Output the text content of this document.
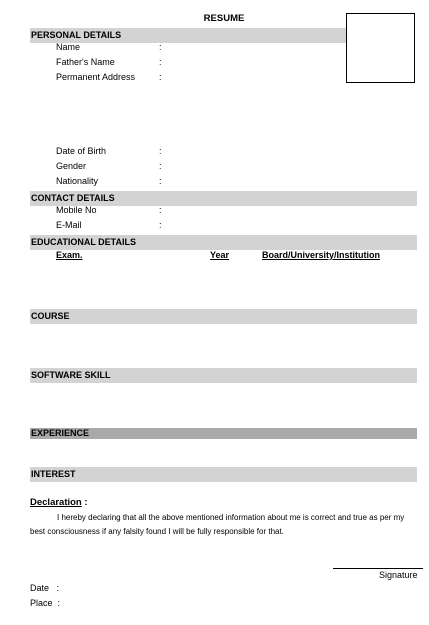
RESUME
PERSONAL DETAILS
Name	:
Father's Name	:
Permanent Address	:
Date of Birth	:
Gender	:
Nationality	:
CONTACT DETAILS
Mobile No	:
E-Mail	:
EDUCATIONAL DETAILS
Exam.	Year	Board/University/Institution
COURSE
SOFTWARE SKILL
EXPERIENCE
INTEREST
Declaration :
I hereby declaring that all the above mentioned information about me is correct and true as per my best consciousness if any falsity found I will be fully responsible for that.
Signature
Date   :
Place  :
